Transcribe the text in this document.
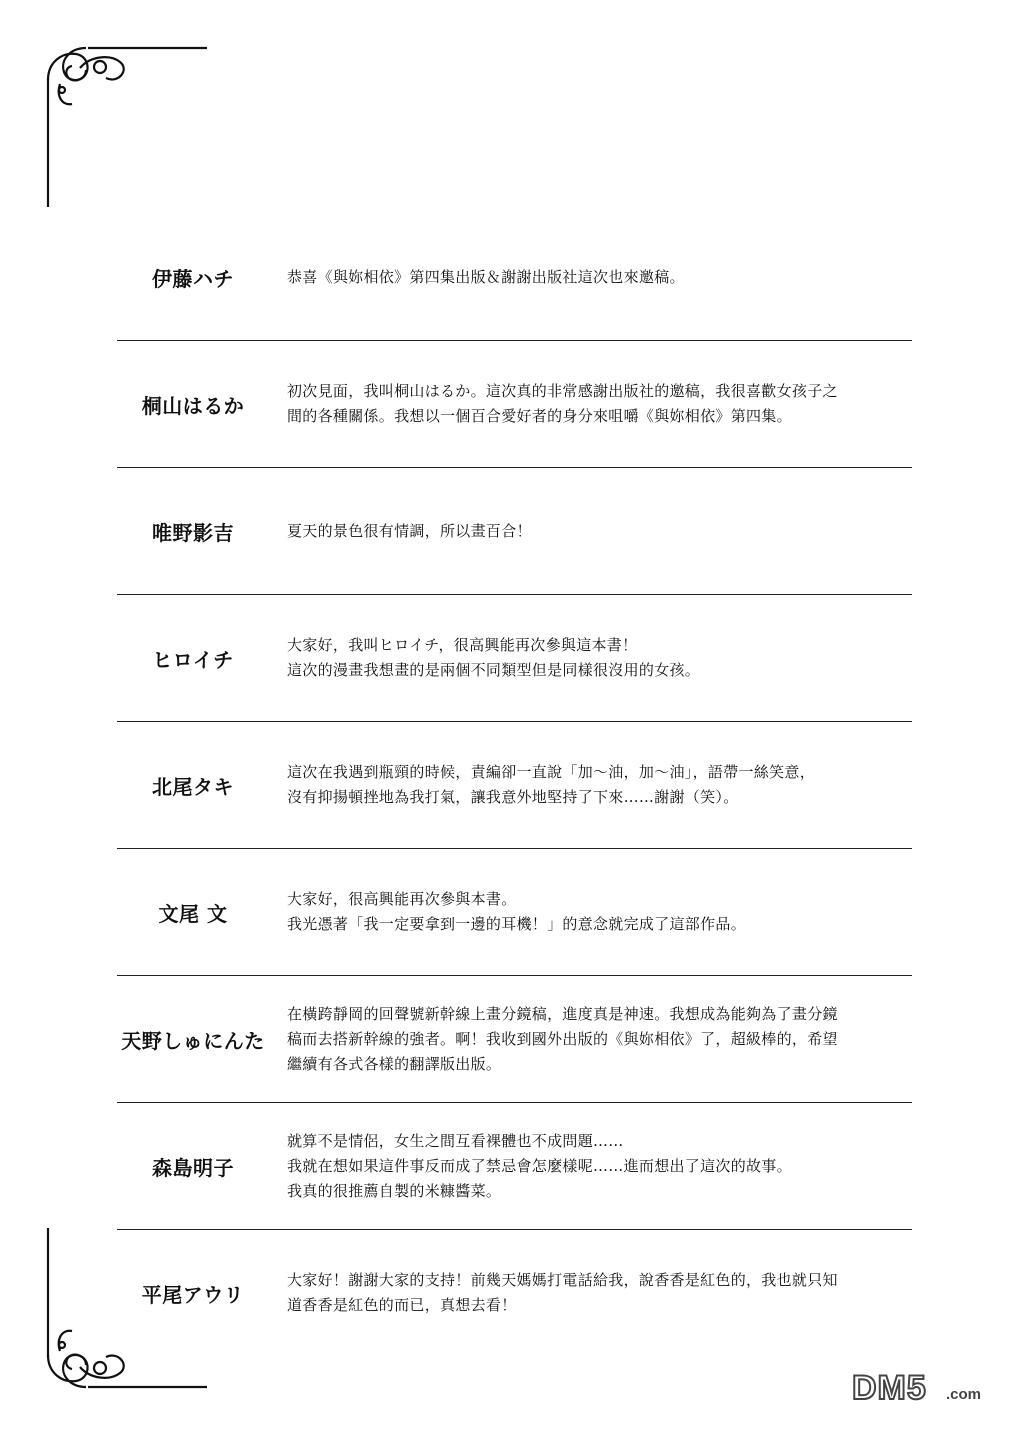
伊藤ハチ	恭喜《與妳相依》第四集出版＆謝謝出版社這次也來邀稿。
桐山はるか
初次見面，我叫桐山はるか。這次真的非常感謝出版社的邀稿，我很喜歡女孩子之
間的各種關係。我想以一個百合愛好者的身分來咀嚼《與妳相依》第四集。
唯野影吉	夏天的景色很有情調，所以畫百合！
ヒロイチ
大家好，我叫ヒロイチ，很高興能再次參與這本書！
這次的漫畫我想畫的是兩個不同類型但是同樣很沒用的女孩。
北尾タキ
這次在我遇到瓶頸的時候，責編卻一直說「加～油，加～油」，語帶一絲笑意，
沒有抑揚頓挫地為我打氣，讓我意外地堅持了下來……謝謝（笑）。
文尾 文
大家好，很高興能再次參與本書。
我光憑著「我一定要拿到一邊的耳機！」的意念就完成了這部作品。
天野しゅにんた
在橫跨靜岡的回聲號新幹線上畫分鏡稿，進度真是神速。我想成為能夠為了畫分鏡
稿而去搭新幹線的強者。啊！我收到國外出版的《與妳相依》了，超級棒的，希望
繼續有各式各樣的翻譯版出版。
森島明子
就算不是情侶，女生之間互看裸體也不成問題……
我就在想如果這件事反而成了禁忌會怎麼樣呢……進而想出了這次的故事。
我真的很推薦自製的米糠醬菜。
平尾アウリ
大家好！謝謝大家的支持！前幾天媽媽打電話給我，說香香是紅色的，我也就只知
道香香是紅色的而已，真想去看！
DM5 .com
